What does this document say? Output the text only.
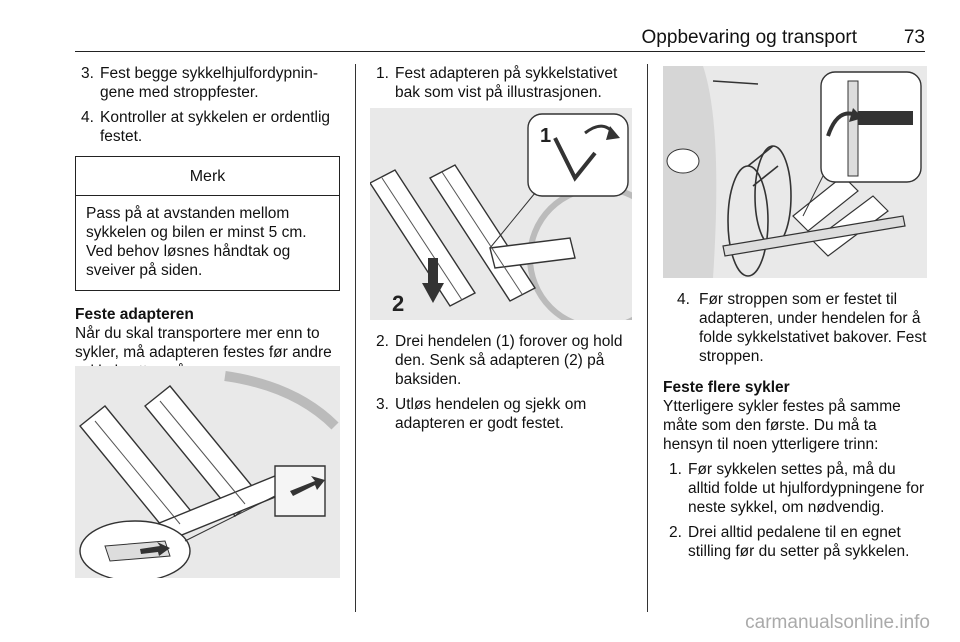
Oppbevaring og transport 73
3. Fest begge sykkelhjulfordypningene med stroppfester.
4. Kontroller at sykkelen er ordentlig festet.
Merk
Pass på at avstanden mellom sykkelen og bilen er minst 5 cm. Ved behov løsnes håndtak og sveiver på siden.
Feste adapteren
Når du skal transportere mer enn to sykler, må adapteren festes før andre
1. Fest adapteren på sykkelstativet bak som vist på illustrasjonen.
2
1
2. Drei hendelen (1) forover og hold den. Senk så adapteren (2) på baksiden.
3. Utløs hendelen og sjekk om adapteren er godt festet.
4. Før stroppen som er festet til adapteren, under hendelen for å folde sykkelstativet bakover. Fest stroppen.
Feste flere sykler
Ytterligere sykler festes på samme måte som den første. Du må ta hensyn til noen ytterligere trinn:
1. Før sykkelen settes på, må du alltid folde ut hjulfordypningene for neste sykkel, om nødvendig.
2. Drei alltid pedalene til en egnet stilling før du setter på sykkelen.
carmanualsonline.info
